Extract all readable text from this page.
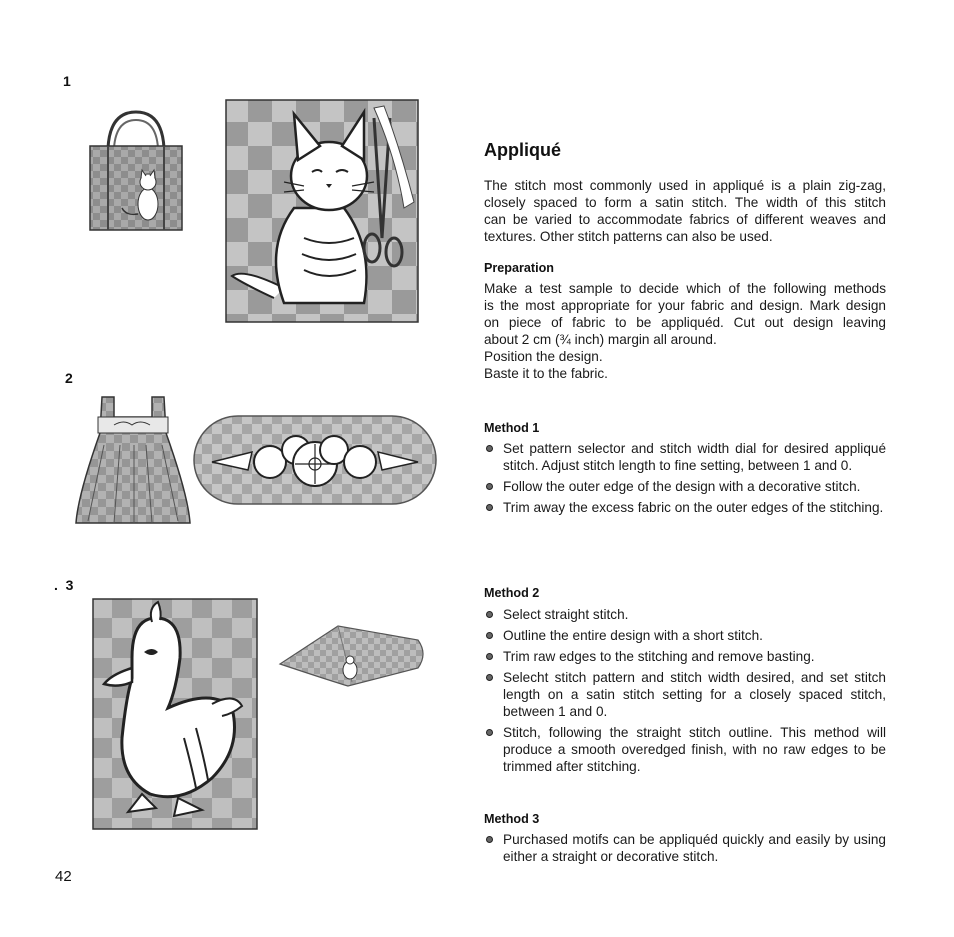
1
2
. 3
42
Appliqué

The stitch most commonly used in appliqué is a plain zig-zag,
closely spaced to form a satin stitch. The width of this stitch
can be varied to accommodate fabrics of different weaves and
textures. Other stitch patterns can also be used.

Preparation

Make a test sample to decide which of the following methods
is the most appropriate for your fabric and design. Mark design
on piece of fabric to be appliquéd. Cut out design leaving
about 2 cm (¾ inch) margin all around.
Position the design.
Baste it to the fabric.

Method 1
Set pattern selector and stitch width dial for desired appliqué stitch. Adjust stitch length to fine setting, between 1 and 0.
Follow the outer edge of the design with a decorative stitch.
Trim away the excess fabric on the outer edges of the stitching.
Method 2
Select straight stitch.
Outline the entire design with a short stitch.
Trim raw edges to the stitching and remove basting.
Selecht stitch pattern and stitch width desired, and set stitch length on a satin stitch setting for a closely spaced stitch, between 1 and 0.
Stitch, following the straight stitch outline. This method will produce a smooth overedged finish, with no raw edges to be trimmed after stitching.
Method 3
Purchased motifs can be appliquéd quickly and easily by using either a straight or decorative stitch.
